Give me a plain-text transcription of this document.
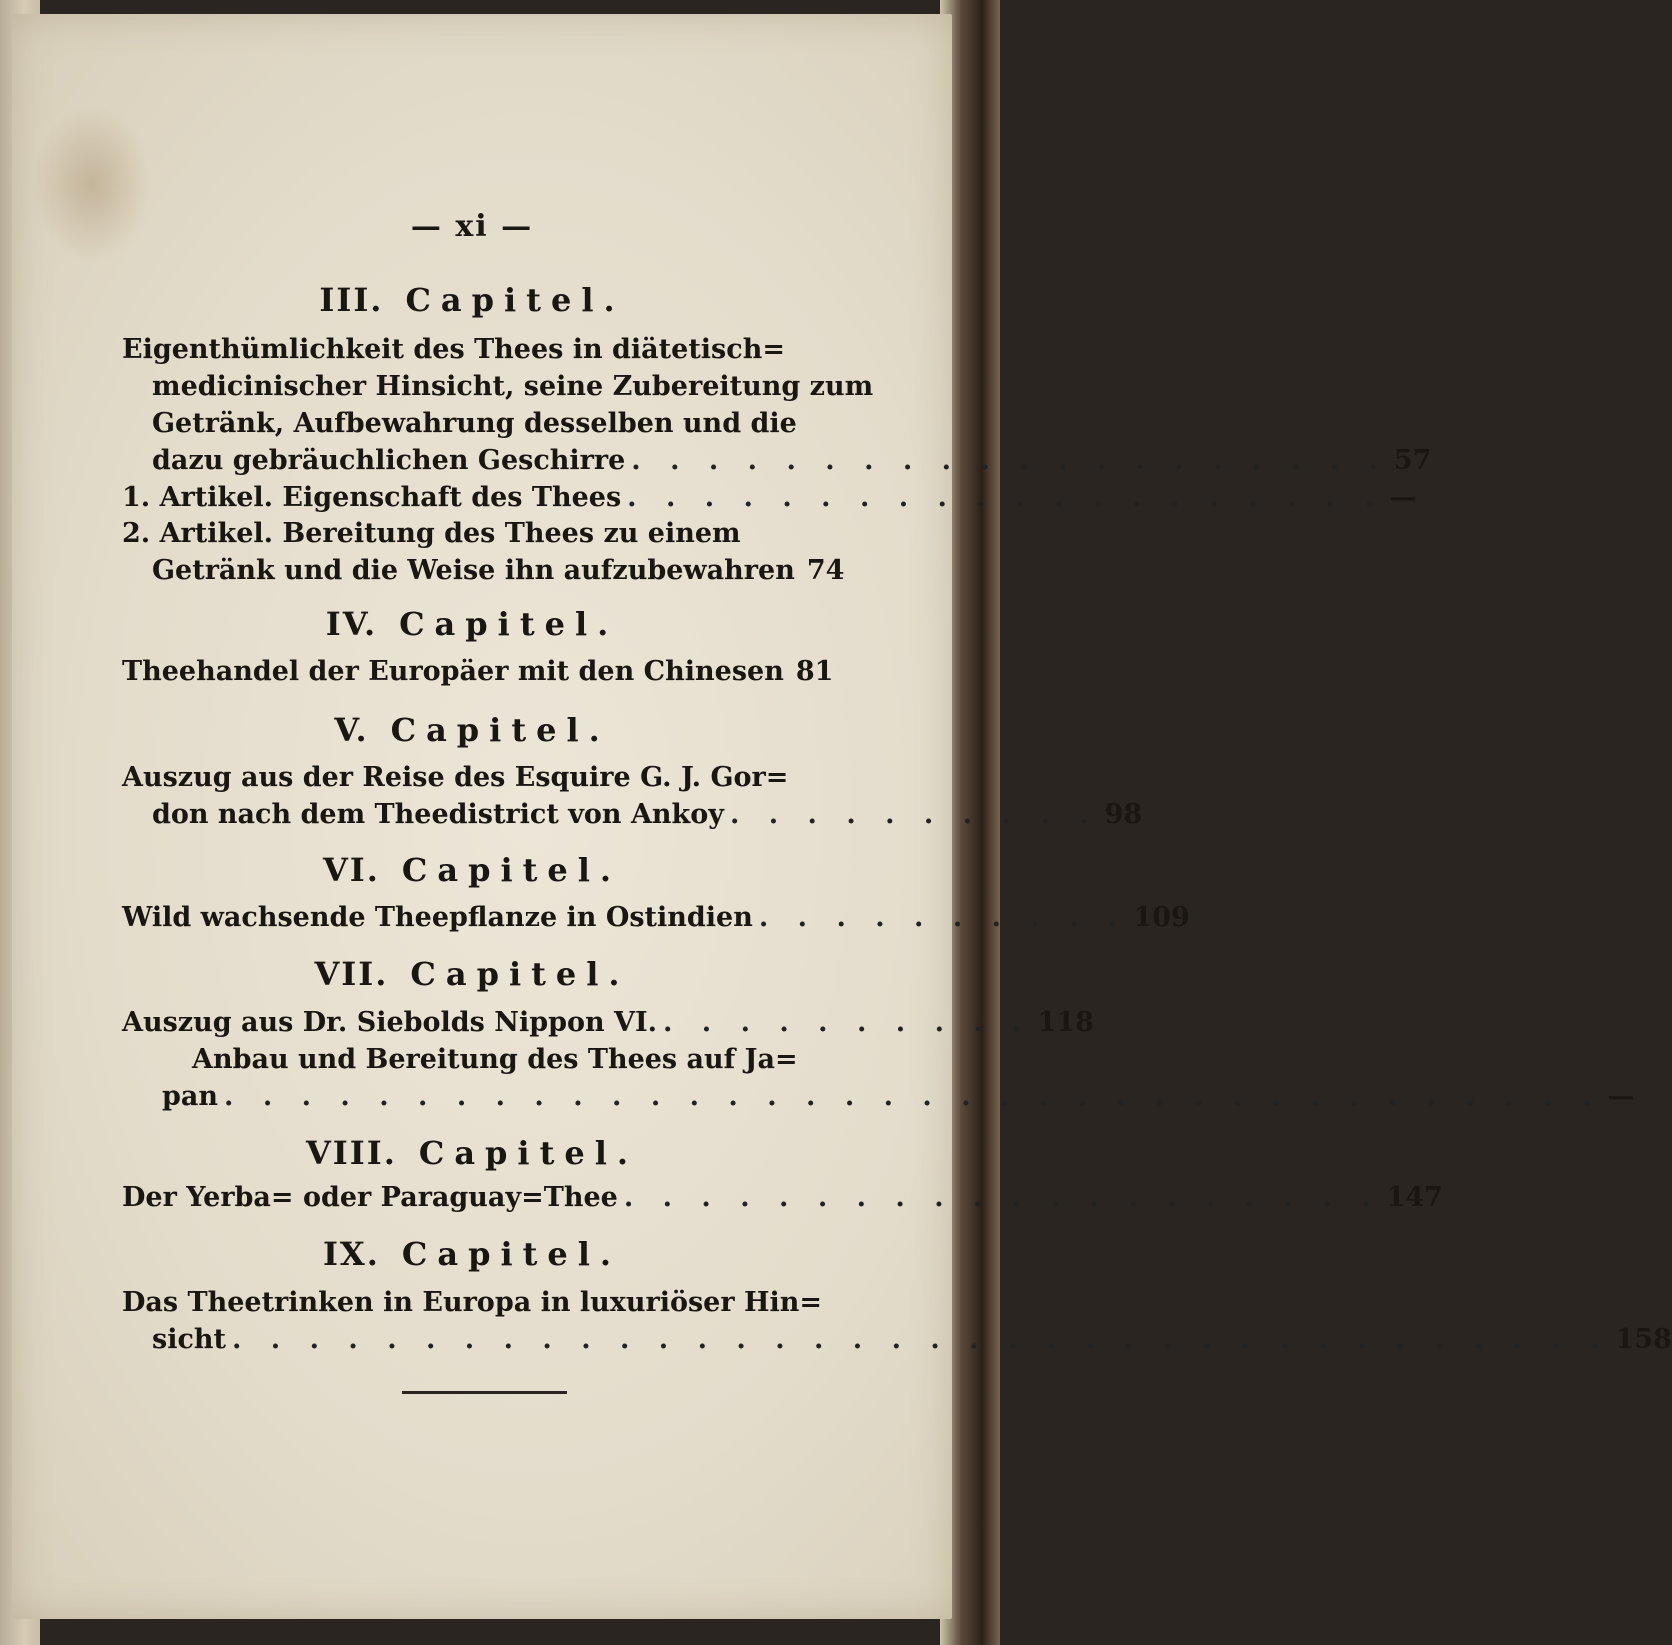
— xi —
III. Capitel.
Eigenthümlichkeit des Thees in diätetisch=
medicinischer Hinsicht, seine Zubereitung zum
Getränk, Aufbewahrung desselben und die
dazu gebräuchlichen Geschirre . . . . . . . . . . . . . . . . . . . . 57
1. Artikel. Eigenschaft des Thees . . . . . . . . . . . . . . . . . . . . —
2. Artikel. Bereitung des Thees zu einem
Getränk und die Weise ihn aufzubewahren 74
IV. Capitel.
Theehandel der Europäer mit den Chinesen 81
V. Capitel.
Auszug aus der Reise des Esquire G. J. Gor=
don nach dem Theedistrict von Ankoy . . . . . . . . . . 98
VI. Capitel.
Wild wachsende Theepflanze in Ostindien . . . . . . . . . . 109
VII. Capitel.
Auszug aus Dr. Siebolds Nippon VI. . . . . . . . . . . 118
Anbau und Bereitung des Thees auf Ja=
pan . . . . . . . . . . . . . . . . . . . . . . . . . . . . . . . . . . . . —
VIII. Capitel.
Der Yerba= oder Paraguay=Thee . . . . . . . . . . . . . . . . . . . . 147
IX. Capitel.
Das Theetrinken in Europa in luxuriöser Hin=
sicht . . . . . . . . . . . . . . . . . . . . . . . . . . . . . . . . . . . . 158
